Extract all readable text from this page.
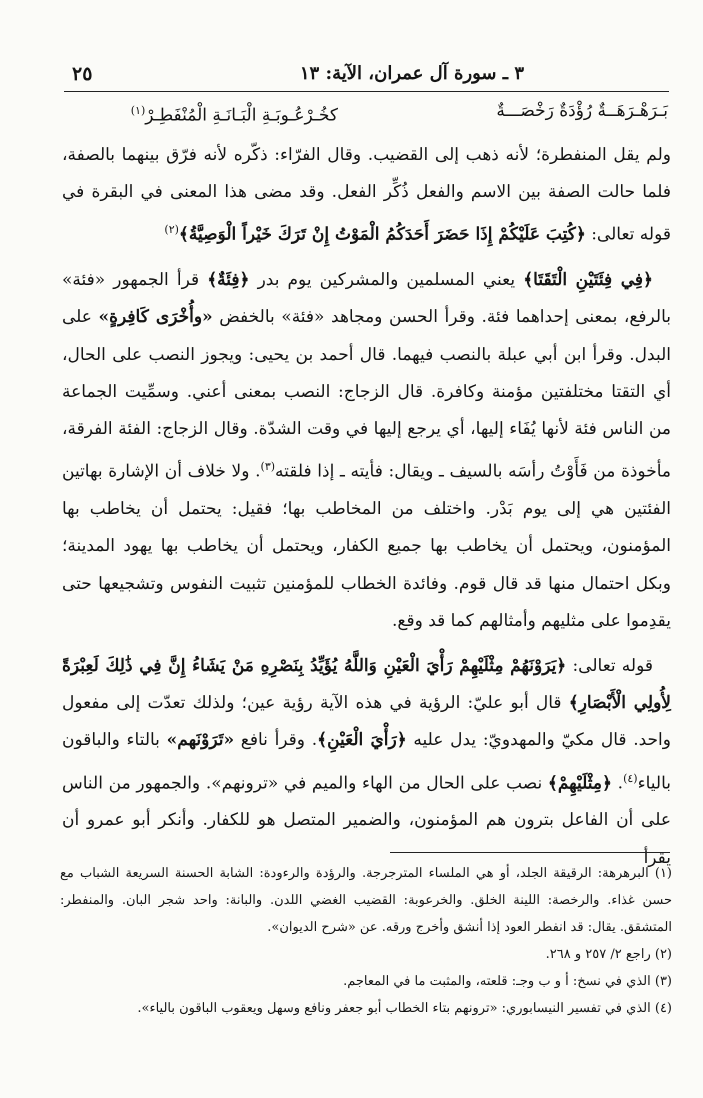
٣ ـ سورة آل عمران، الآية: ١٣
٢٥
بَـرَهْـرَهَــةٌ رُؤْدَةٌ رَخْصَـــةٌ
كخُـرْعُـوبَـةِ الْبَـانَـةِ الْمُنْفَطِـرْ$^{(١)}$

ولم يقل المنفطرة؛ لأنه ذهب إلى القضيب. وقال الفرّاء: ذكّره لأنه فرّق بينهما بالصفة، فلما حالت الصفة بين الاسم والفعل ذُكِّر الفعل. وقد مضى هذا المعنى في البقرة في قوله تعالى: ﴿كُتِبَ عَلَيْكُمْ إِذَا حَضَرَ أَحَدَكُمُ الْمَوْتُ إِنْ تَرَكَ خَيْراً الْوَصِيَّةُ﴾$^{(٢)}$

﴿فِي فِئَتَيْنِ الْتَقَتَا﴾ يعني المسلمين والمشركين يوم بدر ﴿فِئَةٌ﴾ قرأ الجمهور «فئة» بالرفع، بمعنى إحداهما فئة. وقرأ الحسن ومجاهد «فئة» بالخفض «وأُخْرَى كَافِرةٍ» على البدل. وقرأ ابن أبي عبلة بالنصب فيهما. قال أحمد بن يحيى: ويجوز النصب على الحال، أي التقتا مختلفتين مؤمنة وكافرة. قال الزجاج: النصب بمعنى أعني. وسمِّيت الجماعة من الناس فئة لأنها يُفَاء إليها، أي يرجع إليها في وقت الشدّة. وقال الزجاج: الفئة الفرقة، مأخوذة من فَأَوْتُ رأسَه بالسيف ـ ويقال: فأيته ـ إذا فلقته$^{(٣)}$. ولا خلاف أن الإشارة بهاتين الفئتين هي إلى يوم بَدْر. واختلف من المخاطب بها؛ فقيل: يحتمل أن يخاطب بها المؤمنون، ويحتمل أن يخاطب بها جميع الكفار، ويحتمل أن يخاطب بها يهود المدينة؛ وبكل احتمال منها قد قال قوم. وفائدة الخطاب للمؤمنين تثبيت النفوس وتشجيعها حتى يقدِموا على مثليهم وأمثالهم كما قد وقع.

قوله تعالى: ﴿يَرَوْنَهُمْ مِثْلَيْهِمْ رَأْيَ الْعَيْنِ وَاللَّهُ يُؤَيِّدُ بِنَصْرِهِ مَنْ يَشَاءُ إِنَّ فِي ذَٰلِكَ لَعِبْرَةً لِأُولِي الْأَبْصَارِ﴾ قال أبو عليّ: الرؤية في هذه الآية رؤية عين؛ ولذلك تعدّت إلى مفعول واحد. قال مكيّ والمهدويّ: يدل عليه ﴿رَأْيَ الْعَيْنِ﴾. وقرأ نافع «تَرَوْنَهم» بالتاء والباقون بالياء$^{(٤)}$. ﴿مِثْلَيْهِمْ﴾ نصب على الحال من الهاء والميم في «ترونهم». والجمهور من الناس على أن الفاعل بترون هم المؤمنون، والضمير المتصل هو للكفار. وأنكر أبو عمرو أن يقرأ

(١) البرهرهة: الرقيقة الجلد، أو هي الملساء المترجرجة. والرؤدة والرءودة: الشابة الحسنة السريعة الشباب مع حسن غذاء. والرخصة: اللينة الخلق. والخرعوبة: القضيب الغضي اللدن. والبانة: واحد شجر البان. والمنفطر: المتشقق. يقال: قد انفطر العود إذا أنشق وأخرج ورقه. عن «شرح الديوان».

(٢) راجع ٢/ ٢٥٧ و ٢٦٨.

(٣) الذي في نسخ: أ و ب وجـ: قلعته، والمثبت ما في المعاجم.

(٤) الذي في تفسير النيسابوري: «ترونهم بتاء الخطاب أبو جعفر ونافع وسهل ويعقوب الباقون بالياء».
